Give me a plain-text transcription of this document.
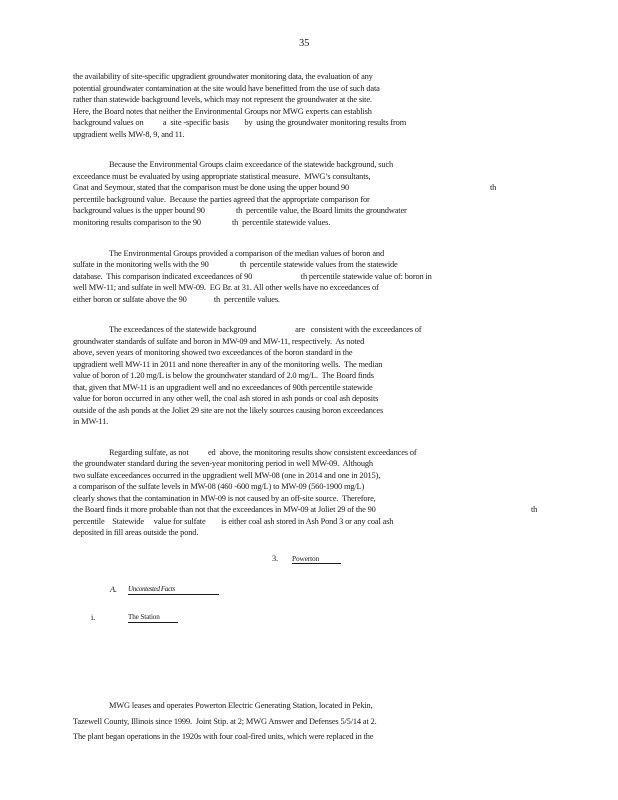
35
the availability of site-specific upgradient groundwater monitoring data, the evaluation of any
potential groundwater contamination at the site would have benefitted from the use of such data
rather than statewide background levels, which may not represent the groundwater at the site.
Here, the Board notes that neither the Environmental Groups nor MWG experts can establish
background values on          a  site -specific basis        by  using the groundwater monitoring results from
upgradient wells MW-8, 9, and 11.
Because the Environmental Groups claim exceedance of the statewide background, such
exceedance must be evaluated by using appropriate statistical measure.  MWG’s consultants,
Gnat and Seymour, stated that the comparison must be done using the upper bound 90	th
percentile background value.  Because the parties agreed that the appropriate comparison for
background values is the upper bound 90                th  percentile value, the Board limits the groundwater
monitoring results comparison to the 90                th  percentile statewide values.
The Environmental Groups provided a comparison of the median values of boron and
sulfate in the monitoring wells with the 90                th  percentile statewide values from the statewide
database.  This comparison indicated exceedances of 90                         th percentile statewide value of: boron in
well MW-11; and sulfate in well MW-09.  EG Br. at 31. All other wells have no exceedances of
either boron or sulfate above the 90              th  percentile values.
The exceedances of the statewide background                    are   consistent with the exceedances of
groundwater standards of sulfate and boron in MW-09 and MW-11, respectively.  As noted
above, seven years of monitoring showed two exceedances of the boron standard in the
upgradient well MW-11 in 2011 and none thereafter in any of the monitoring wells.  The median
value of boron of 1.20 mg/L is below the groundwater standard of 2.0 mg/L.  The Board finds
that, given that MW-11 is an upgradient well and no exceedances of 90th percentile statewide
value for boron occurred in any other well, the coal ash stored in ash ponds or coal ash deposits
outside of the ash ponds at the Joliet 29 site are not the likely sources causing boron exceedances
in MW-11.
Regarding sulfate, as not          ed  above, the monitoring results show consistent exceedances of
the groundwater standard during the seven-year monitoring period in well MW-09.  Although
two sulfate exceedances occurred in the upgradient well MW-08 (one in 2014 and one in 2015),
a comparison of the sulfate levels in MW-08 (460 -600 mg/L) to MW-09 (560-1900 mg/L)
clearly shows that the contamination in MW-09 is not caused by an off-site source.  Therefore,
the Board finds it more probable than not that the exceedances in MW-09 at Joliet 29 of the 90	th
percentile    Statewide     value for sulfate        is either coal ash stored in Ash Pond 3 or any coal ash
deposited in fill areas outside the pond.
3. Powerton
A. Uncontested Facts
i.	The Station
MWG leases and operates Powerton Electric Generating Station, located in Pekin,
Tazewell County, Illinois since 1999.  Joint Stip. at 2; MWG Answer and Defenses 5/5/14 at 2.
The plant began operations in the 1920s with four coal-fired units, which were replaced in the
